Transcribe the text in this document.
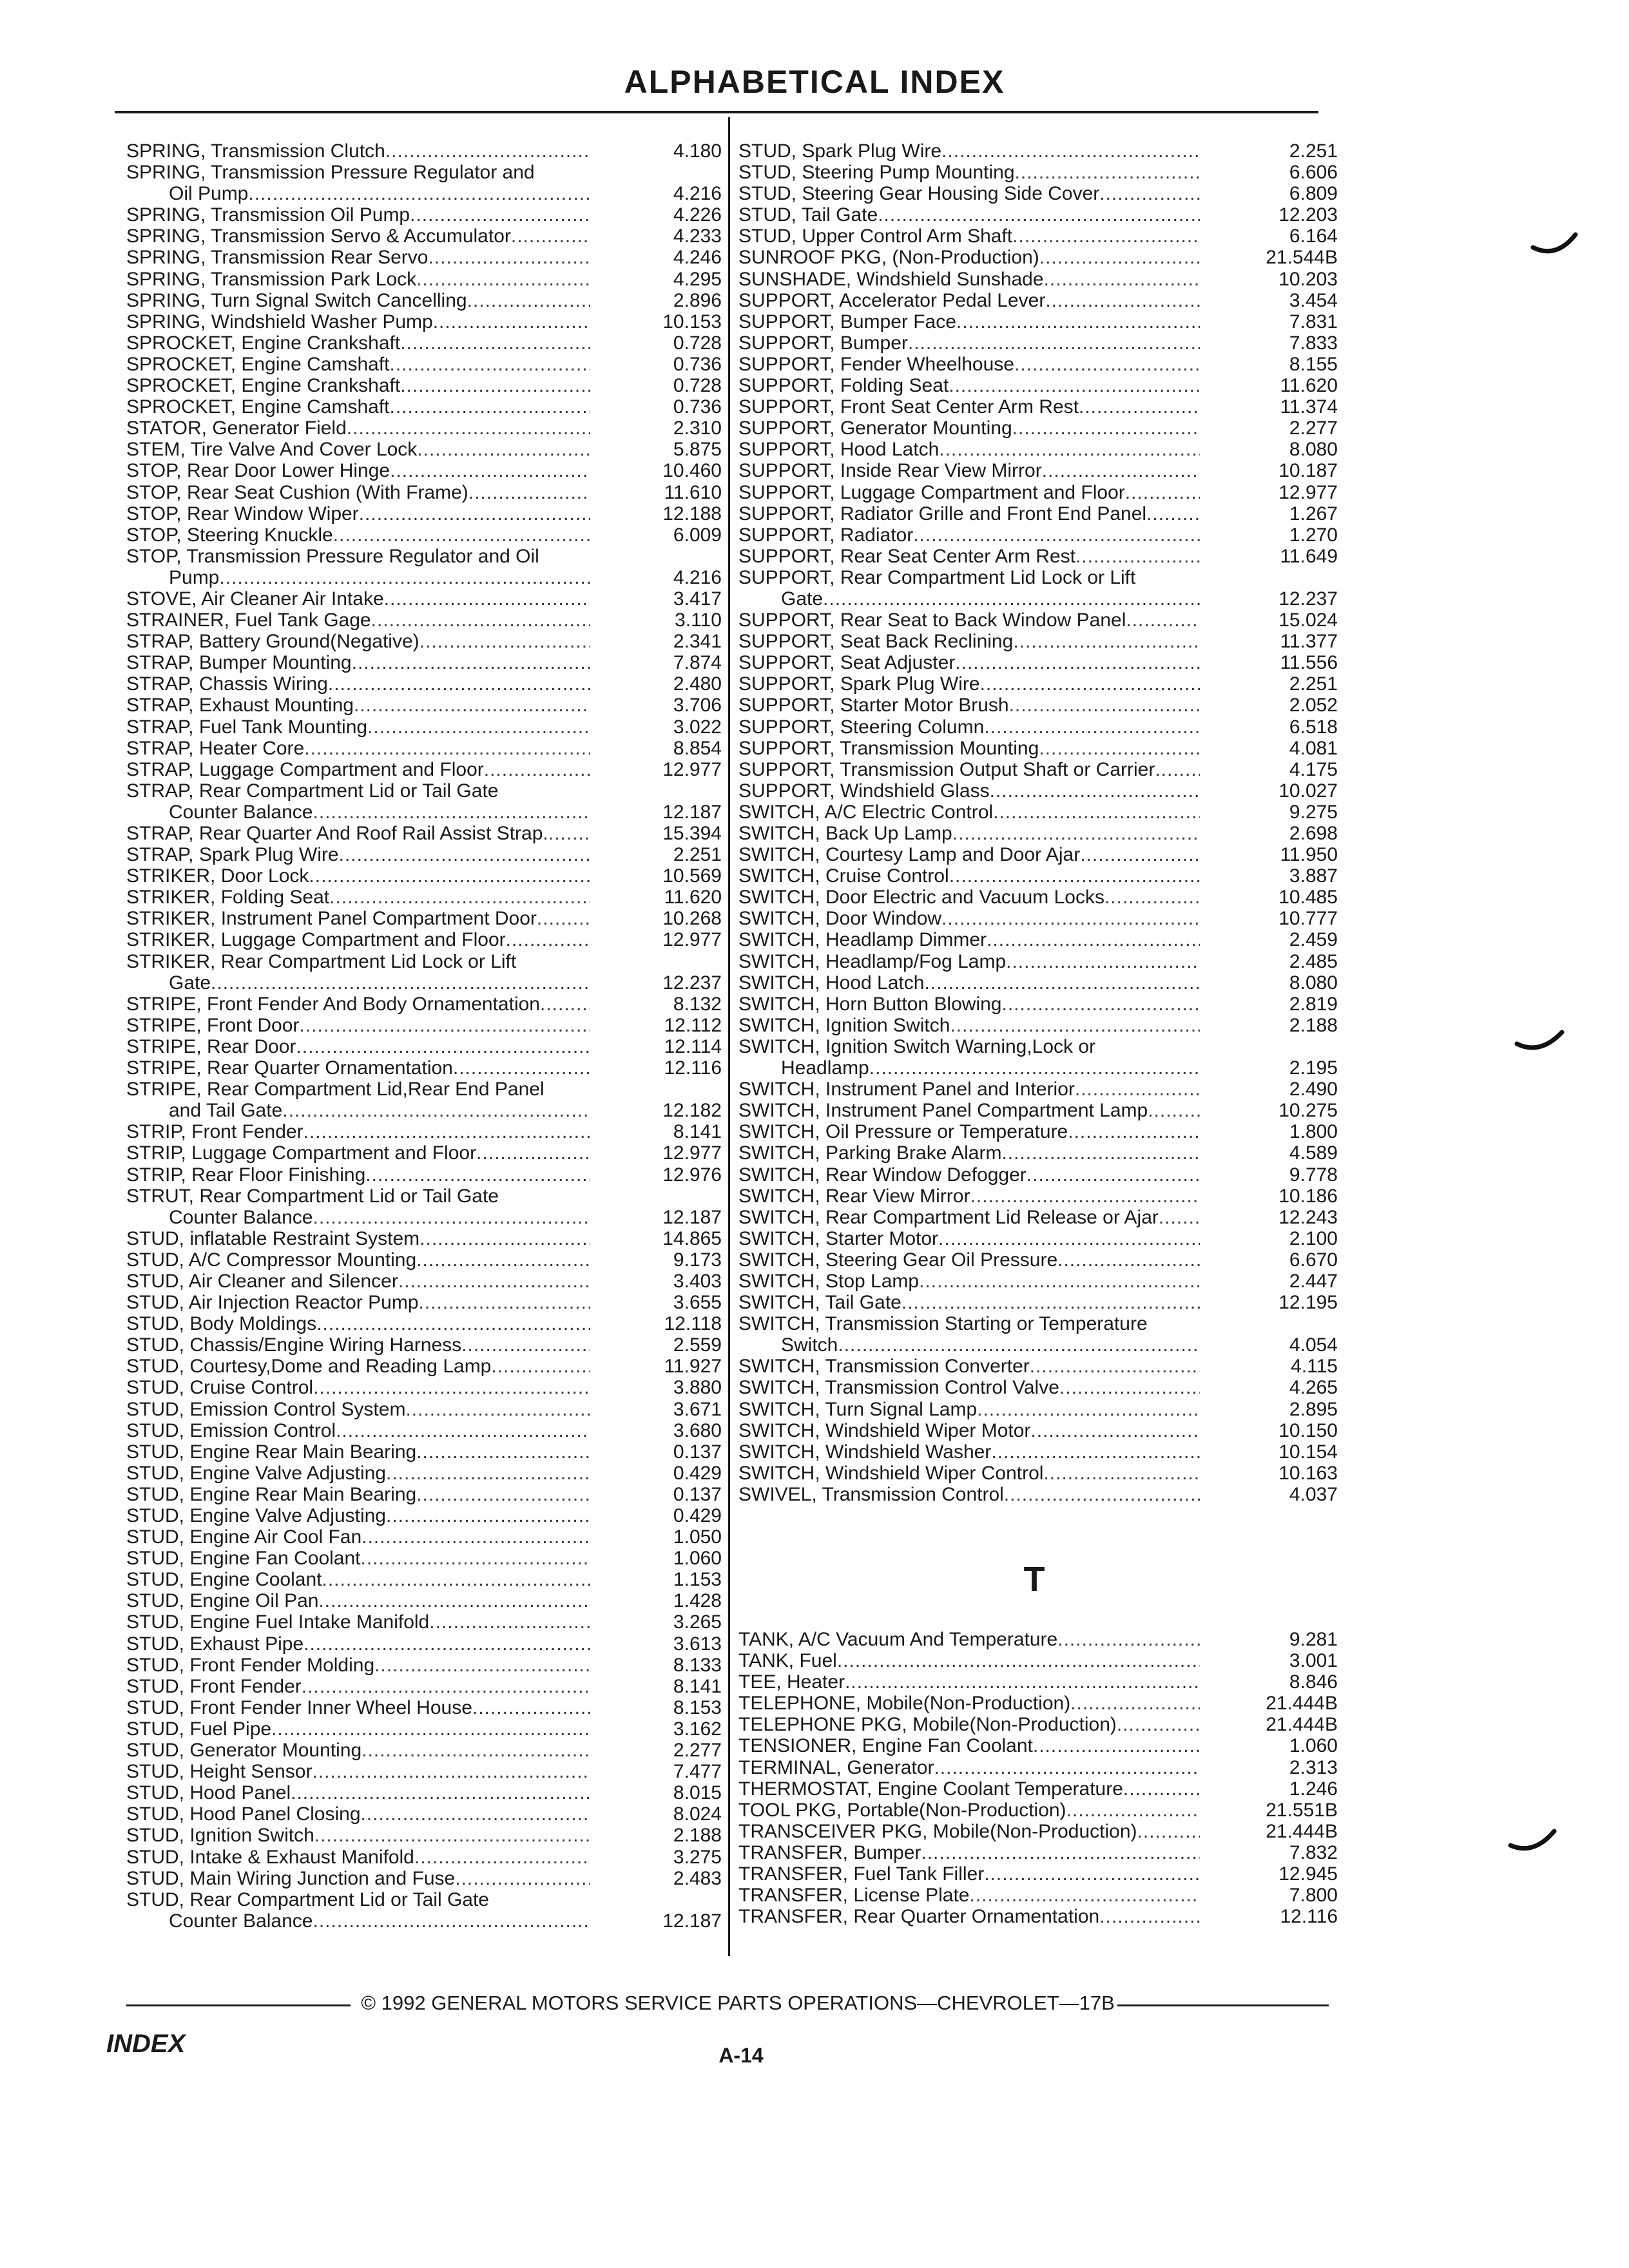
ALPHABETICAL INDEX
SPRING, Transmission Clutch .....	4.180
SPRING, Transmission Pressure Regulator and
Oil Pump .....	4.216
SPRING, Transmission Oil Pump .....	4.226
SPRING, Transmission Servo & Accumulator .....	4.233
SPRING, Transmission Rear Servo .....	4.246
SPRING, Transmission Park Lock .....	4.295
SPRING, Turn Signal Switch Cancelling .....	2.896
SPRING, Windshield Washer Pump .....	10.153
SPROCKET, Engine Crankshaft .....	0.728
SPROCKET, Engine Camshaft .....	0.736
SPROCKET, Engine Crankshaft .....	0.728
SPROCKET, Engine Camshaft .....	0.736
STATOR, Generator Field .....	2.310
STEM, Tire Valve And Cover Lock .....	5.875
STOP, Rear Door Lower Hinge .....	10.460
STOP, Rear Seat Cushion (With Frame) .....	11.610
STOP, Rear Window Wiper .....	12.188
STOP, Steering Knuckle .....	6.009
STOP, Transmission Pressure Regulator and Oil
Pump .....	4.216
STOVE, Air Cleaner Air Intake .....	3.417
STRAINER, Fuel Tank Gage .....	3.110
STRAP, Battery Ground(Negative) .....	2.341
STRAP, Bumper Mounting .....	7.874
STRAP, Chassis Wiring .....	2.480
STRAP, Exhaust Mounting .....	3.706
STRAP, Fuel Tank Mounting .....	3.022
STRAP, Heater Core .....	8.854
STRAP, Luggage Compartment and Floor .....	12.977
STRAP, Rear Compartment Lid or Tail Gate
Counter Balance .....	12.187
STRAP, Rear Quarter And Roof Rail Assist Strap. .....	15.394
STRAP, Spark Plug Wire .....	2.251
STRIKER, Door Lock .....	10.569
STRIKER, Folding Seat .....	11.620
STRIKER, Instrument Panel Compartment Door .....	10.268
STRIKER, Luggage Compartment and Floor .....	12.977
STRIKER, Rear Compartment Lid Lock or Lift
Gate .....	12.237
STRIPE, Front Fender And Body Ornamentation .....	8.132
STRIPE, Front Door .....	12.112
STRIPE, Rear Door .....	12.114
STRIPE, Rear Quarter Ornamentation .....	12.116
STRIPE, Rear Compartment Lid,Rear End Panel
and Tail Gate .....	12.182
STRIP, Front Fender .....	8.141
STRIP, Luggage Compartment and Floor .....	12.977
STRIP, Rear Floor Finishing .....	12.976
STRUT, Rear Compartment Lid or Tail Gate
Counter Balance .....	12.187
STUD, inflatable Restraint System .....	14.865
STUD, A/C Compressor Mounting .....	9.173
STUD, Air Cleaner and Silencer .....	3.403
STUD, Air Injection Reactor Pump .....	3.655
STUD, Body Moldings .....	12.118
STUD, Chassis/Engine Wiring Harness .....	2.559
STUD, Courtesy,Dome and Reading Lamp .....	11.927
STUD, Cruise Control .....	3.880
STUD, Emission Control System .....	3.671
STUD, Emission Control .....	3.680
STUD, Engine Rear Main Bearing .....	0.137
STUD, Engine Valve Adjusting .....	0.429
STUD, Engine Rear Main Bearing .....	0.137
STUD, Engine Valve Adjusting .....	0.429
STUD, Engine Air Cool Fan .....	1.050
STUD, Engine Fan Coolant .....	1.060
STUD, Engine Coolant .....	1.153
STUD, Engine Oil Pan .....	1.428
STUD, Engine Fuel Intake Manifold .....	3.265
STUD, Exhaust Pipe .....	3.613
STUD, Front Fender Molding .....	8.133
STUD, Front Fender .....	8.141
STUD, Front Fender Inner Wheel House .....	8.153
STUD, Fuel Pipe .....	3.162
STUD, Generator Mounting .....	2.277
STUD, Height Sensor .....	7.477
STUD, Hood Panel .....	8.015
STUD, Hood Panel Closing .....	8.024
STUD, Ignition Switch .....	2.188
STUD, Intake & Exhaust Manifold .....	3.275
STUD, Main Wiring Junction and Fuse .....	2.483
STUD, Rear Compartment Lid or Tail Gate
Counter Balance .....	12.187
STUD, Spark Plug Wire .....	2.251
STUD, Steering Pump Mounting .....	6.606
STUD, Steering Gear Housing Side Cover .....	6.809
STUD, Tail Gate .....	12.203
STUD, Upper Control Arm Shaft .....	6.164
SUNROOF PKG, (Non-Production) .....	21.544B
SUNSHADE, Windshield Sunshade .....	10.203
SUPPORT, Accelerator Pedal Lever .....	3.454
SUPPORT, Bumper Face .....	7.831
SUPPORT, Bumper .....	7.833
SUPPORT, Fender Wheelhouse .....	8.155
SUPPORT, Folding Seat .....	11.620
SUPPORT, Front Seat Center Arm Rest .....	11.374
SUPPORT, Generator Mounting .....	2.277
SUPPORT, Hood Latch .....	8.080
SUPPORT, Inside Rear View Mirror .....	10.187
SUPPORT, Luggage Compartment and Floor .....	12.977
SUPPORT, Radiator Grille and Front End Panel .....	1.267
SUPPORT, Radiator .....	1.270
SUPPORT, Rear Seat Center Arm Rest .....	11.649
SUPPORT, Rear Compartment Lid Lock or Lift
Gate .....	12.237
SUPPORT, Rear Seat to Back Window Panel .....	15.024
SUPPORT, Seat Back Reclining .....	11.377
SUPPORT, Seat Adjuster .....	11.556
SUPPORT, Spark Plug Wire .....	2.251
SUPPORT, Starter Motor Brush .....	2.052
SUPPORT, Steering Column .....	6.518
SUPPORT, Transmission Mounting .....	4.081
SUPPORT, Transmission Output Shaft or Carrier .....	4.175
SUPPORT, Windshield Glass .....	10.027
SWITCH, A/C Electric Control .....	9.275
SWITCH, Back Up Lamp .....	2.698
SWITCH, Courtesy Lamp and Door Ajar .....	11.950
SWITCH, Cruise Control .....	3.887
SWITCH, Door Electric and Vacuum Locks .....	10.485
SWITCH, Door Window .....	10.777
SWITCH, Headlamp Dimmer .....	2.459
SWITCH, Headlamp/Fog Lamp .....	2.485
SWITCH, Hood Latch .....	8.080
SWITCH, Horn Button Blowing .....	2.819
SWITCH, Ignition Switch .....	2.188
SWITCH, Ignition Switch Warning,Lock or
Headlamp .....	2.195
SWITCH, Instrument Panel and Interior .....	2.490
SWITCH, Instrument Panel Compartment Lamp .....	10.275
SWITCH, Oil Pressure or Temperature .....	1.800
SWITCH, Parking Brake Alarm .....	4.589
SWITCH, Rear Window Defogger .....	9.778
SWITCH, Rear View Mirror .....	10.186
SWITCH, Rear Compartment Lid Release or Ajar .....	12.243
SWITCH, Starter Motor .....	2.100
SWITCH, Steering Gear Oil Pressure .....	6.670
SWITCH, Stop Lamp .....	2.447
SWITCH, Tail Gate .....	12.195
SWITCH, Transmission Starting or Temperature
Switch .....	4.054
SWITCH, Transmission Converter .....	4.115
SWITCH, Transmission Control Valve .....	4.265
SWITCH, Turn Signal Lamp .....	2.895
SWITCH, Windshield Wiper Motor .....	10.150
SWITCH, Windshield Washer .....	10.154
SWITCH, Windshield Wiper Control .....	10.163
SWIVEL, Transmission Control .....	4.037
TANK, A/C Vacuum And Temperature .....	9.281
TANK, Fuel .....	3.001
TEE, Heater .....	8.846
TELEPHONE, Mobile(Non-Production) .....	21.444B
TELEPHONE PKG, Mobile(Non-Production) .....	21.444B
TENSIONER, Engine Fan Coolant .....	1.060
TERMINAL, Generator .....	2.313
THERMOSTAT, Engine Coolant Temperature .....	1.246
TOOL PKG, Portable(Non-Production) .....	21.551B
TRANSCEIVER PKG, Mobile(Non-Production) .....	21.444B
TRANSFER, Bumper .....	7.832
TRANSFER, Fuel Tank Filler .....	12.945
TRANSFER, License Plate .....	7.800
TRANSFER, Rear Quarter Ornamentation .....	12.116
T
© 1992 GENERAL MOTORS SERVICE PARTS OPERATIONS—CHEVROLET—17B
INDEX	A-14
